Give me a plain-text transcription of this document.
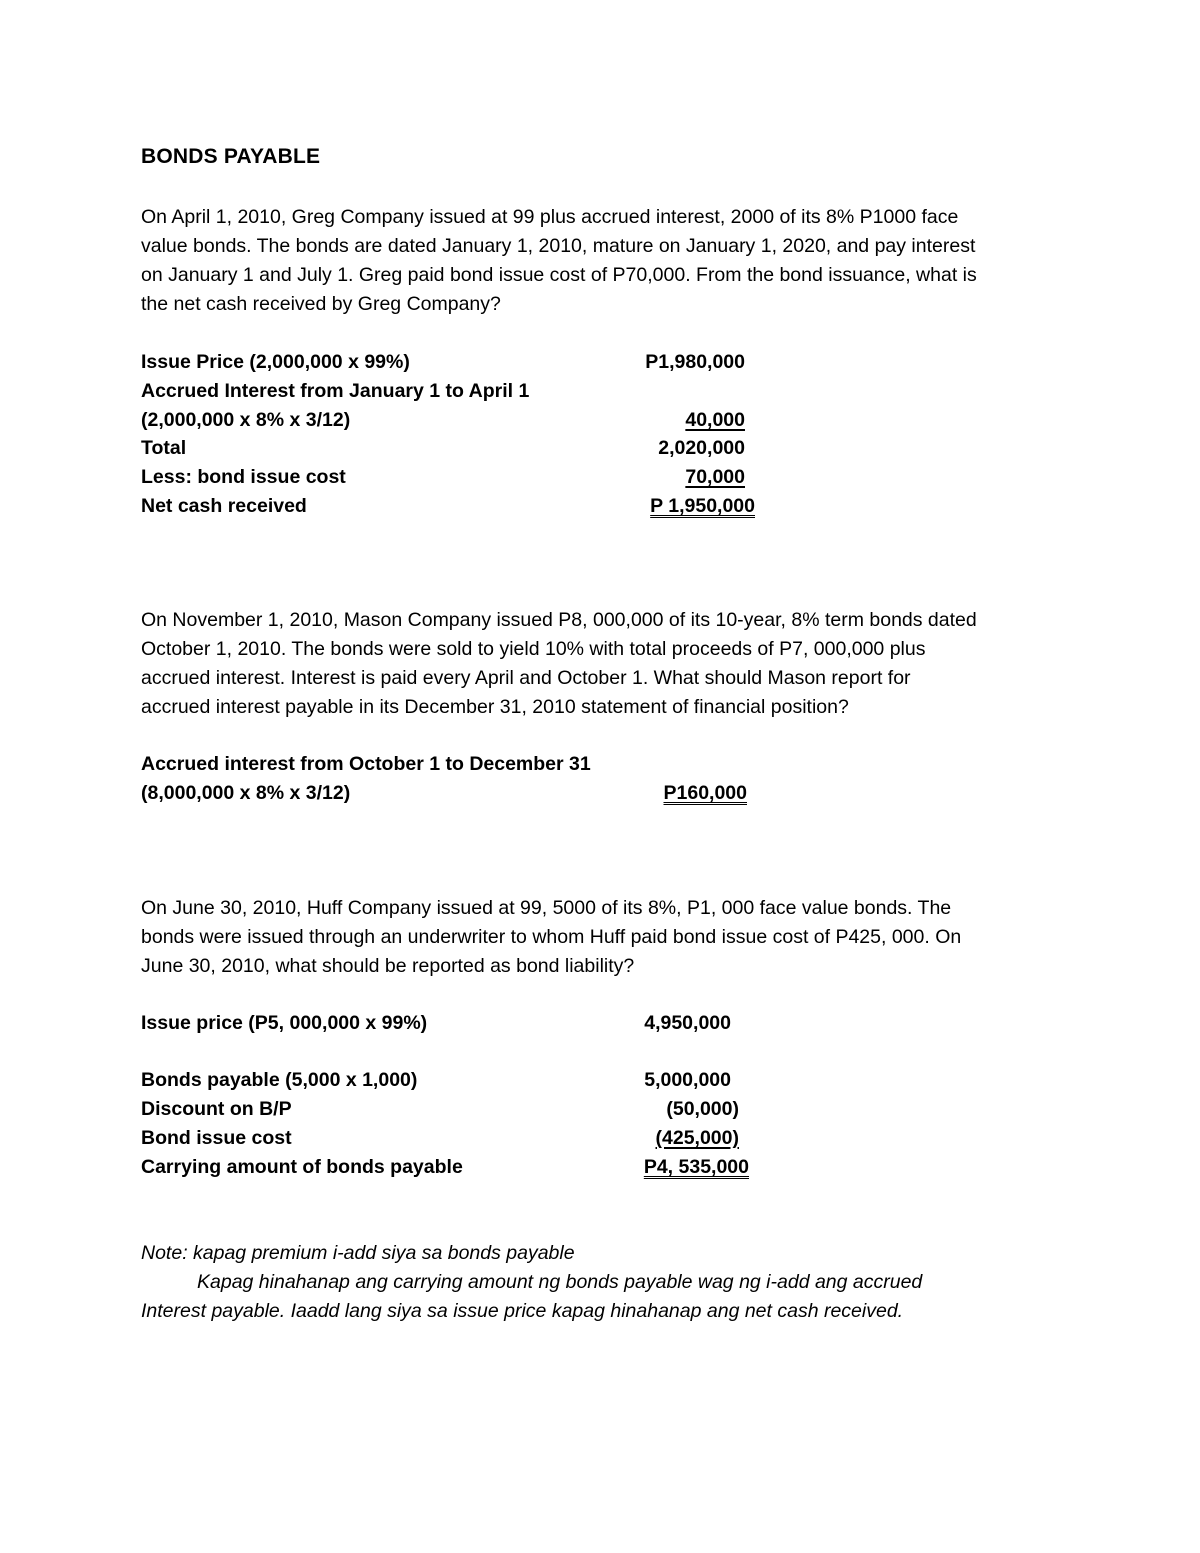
BONDS PAYABLE
On April 1, 2010, Greg Company issued at 99 plus accrued interest, 2000 of its 8% P1000 face
value bonds. The bonds are dated January 1, 2010, mature on January 1, 2020, and pay interest
on January 1 and July 1. Greg paid bond issue cost of P70,000. From the bond issuance, what is
the net cash received by Greg Company?
Issue Price (2,000,000 x 99%)	P1,980,000
Accrued Interest from January 1 to April 1
(2,000,000 x 8% x 3/12)	40,000
Total	2,020,000
Less: bond issue cost	70,000
Net cash received	P 1,950,000
On November 1, 2010, Mason Company issued P8, 000,000 of its 10-year, 8% term bonds dated
October 1, 2010. The bonds were sold to yield 10% with total proceeds of P7, 000,000 plus
accrued interest. Interest is paid every April and October 1. What should Mason report for
accrued interest payable in its December 31, 2010 statement of financial position?
Accrued interest from October 1 to December 31
(8,000,000 x 8% x 3/12)	P160,000
On June 30, 2010, Huff Company issued at 99, 5000 of its 8%, P1, 000 face value bonds. The
bonds were issued through an underwriter to whom Huff paid bond issue cost of P425, 000. On
June 30, 2010, what should be reported as bond liability?
Issue price (P5, 000,000 x 99%)	4,950,000
Bonds payable (5,000 x 1,000)	5,000,000
Discount on B/P	(50,000)
Bond issue cost	(425,000)
Carrying amount of bonds payable	P4, 535,000
Note: kapag premium i-add siya sa bonds payable
Kapag hinahanap ang carrying amount ng bonds payable wag ng i-add ang accrued
Interest payable. Iaadd lang siya sa issue price kapag hinahanap ang net cash received.
